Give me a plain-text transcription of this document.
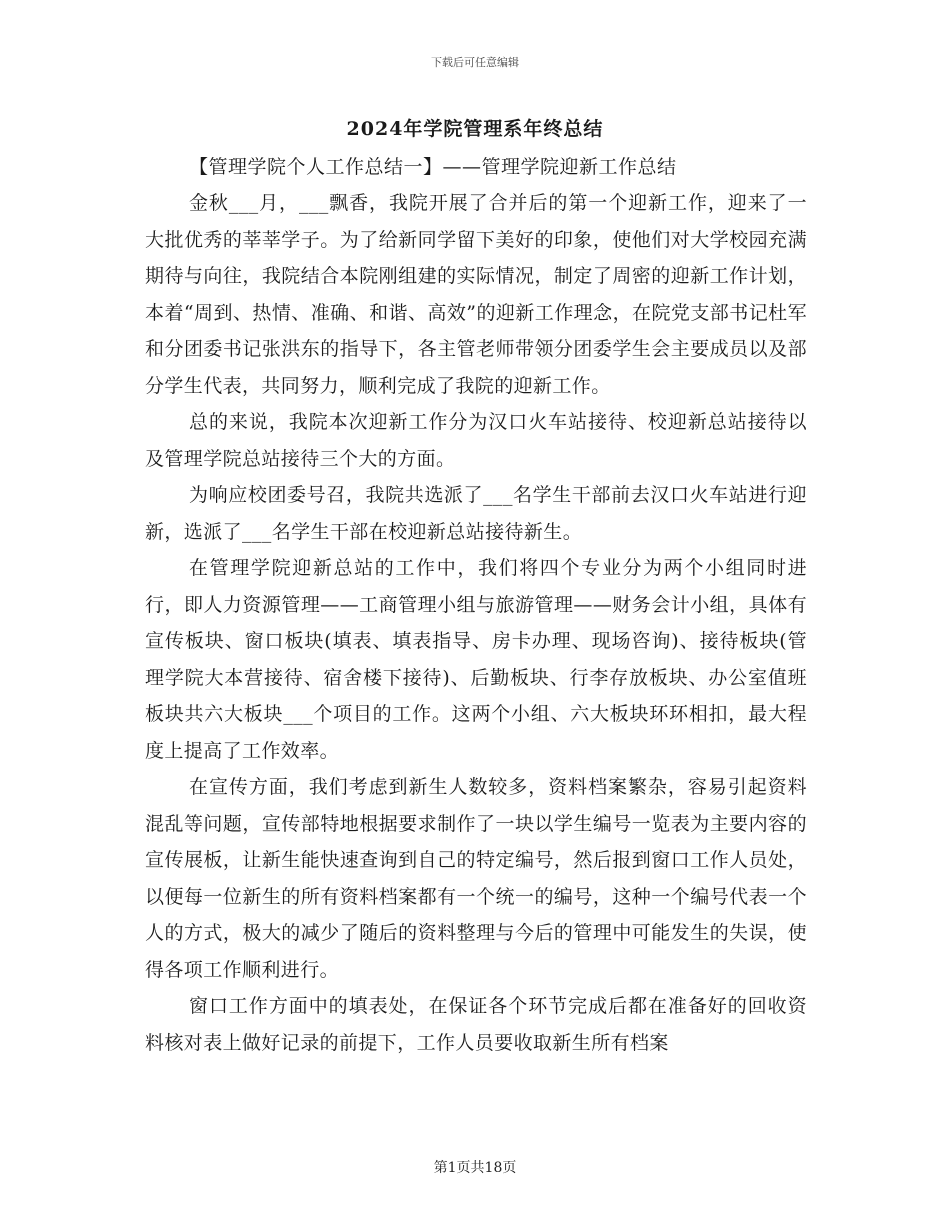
下载后可任意编辑
2024年学院管理系年终总结

【管理学院个人工作总结一】——管理学院迎新工作总结

金秋___月，___飘香，我院开展了合并后的第一个迎新工作，迎来了一大批优秀的莘莘学子。为了给新同学留下美好的印象，使他们对大学校园充满期待与向往，我院结合本院刚组建的实际情况，制定了周密的迎新工作计划，本着“周到、热情、准确、和谐、高效”的迎新工作理念，在院党支部书记杜军和分团委书记张洪东的指导下，各主管老师带领分团委学生会主要成员以及部分学生代表，共同努力，顺利完成了我院的迎新工作。

总的来说，我院本次迎新工作分为汉口火车站接待、校迎新总站接待以及管理学院总站接待三个大的方面。

为响应校团委号召，我院共选派了___名学生干部前去汉口火车站进行迎新，选派了___名学生干部在校迎新总站接待新生。

在管理学院迎新总站的工作中，我们将四个专业分为两个小组同时进行，即人力资源管理——工商管理小组与旅游管理——财务会计小组，具体有宣传板块、窗口板块(填表、填表指导、房卡办理、现场咨询)、接待板块(管理学院大本营接待、宿舍楼下接待)、后勤板块、行李存放板块、办公室值班板块共六大板块___个项目的工作。这两个小组、六大板块环环相扣，最大程度上提高了工作效率。

在宣传方面，我们考虑到新生人数较多，资料档案繁杂，容易引起资料混乱等问题，宣传部特地根据要求制作了一块以学生编号一览表为主要内容的宣传展板，让新生能快速查询到自己的特定编号，然后报到窗口工作人员处，以便每一位新生的所有资料档案都有一个统一的编号，这种一个编号代表一个人的方式，极大的减少了随后的资料整理与今后的管理中可能发生的失误，使得各项工作顺利进行。

窗口工作方面中的填表处，在保证各个环节完成后都在准备好的回收资料核对表上做好记录的前提下，工作人员要收取新生所有档案

第1页共18页
